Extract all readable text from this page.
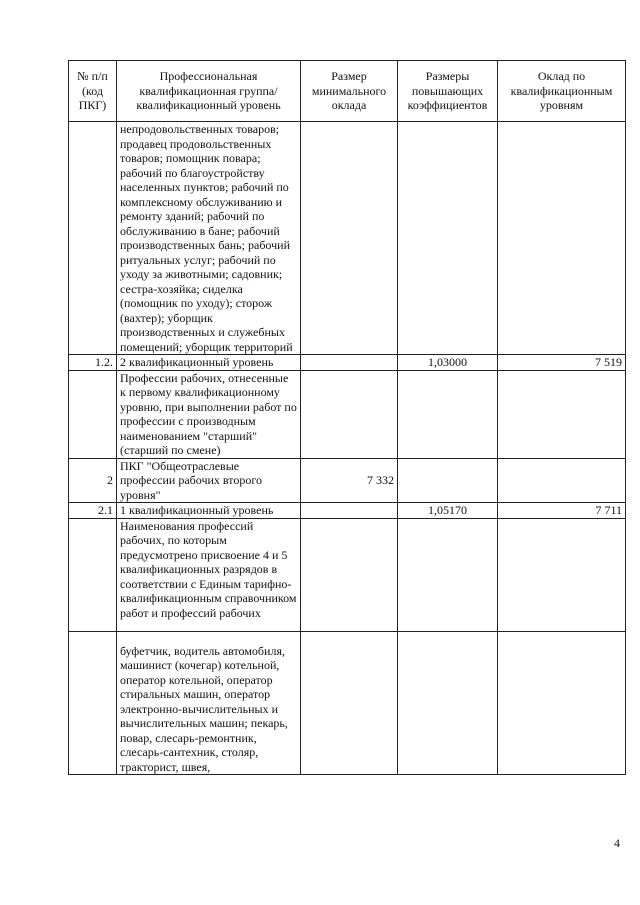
№ п/п (код ПКГ)	Профессиональная квалификационная группа/квалификационный уровень	Размер минимального оклада	Размеры повышающих коэффициентов	Оклад по квалификационным уровням
	непродовольственных товаров; продавец продовольственных товаров; помощник повара; рабочий по благоустройству населенных пунктов; рабочий по комплексному обслуживанию и ремонту зданий; рабочий по обслуживанию в бане; рабочий производственных бань; рабочий ритуальных услуг; рабочий по уходу за животными; садовник; сестра-хозяйка; сиделка (помощник по уходу); сторож (вахтер); уборщик производственных и служебных помещений; уборщик территорий			
1.2.	2 квалификационный уровень		1,03000	7 519
	Профессии рабочих, отнесенные к первому квалификационному уровню, при выполнении работ по профессии с производным наименованием "старший" (старший по смене)			
2	ПКГ "Общеотраслевые профессии рабочих второго уровня"	7 332		
2.1	1 квалификационный уровень		1,05170	7 711
	Наименования профессий рабочих, по которым предусмотрено присвоение 4 и 5 квалификационных разрядов в соответствии с Единым тарифно-квалификационным справочником работ и профессий рабочих			
	буфетчик, водитель автомобиля, машинист (кочегар) котельной, оператор котельной, оператор стиральных машин, оператор электронно-вычислительных и вычислительных машин; пекарь, повар, слесарь-ремонтник, слесарь-сантехник, столяр, тракторист, швея,			
4
